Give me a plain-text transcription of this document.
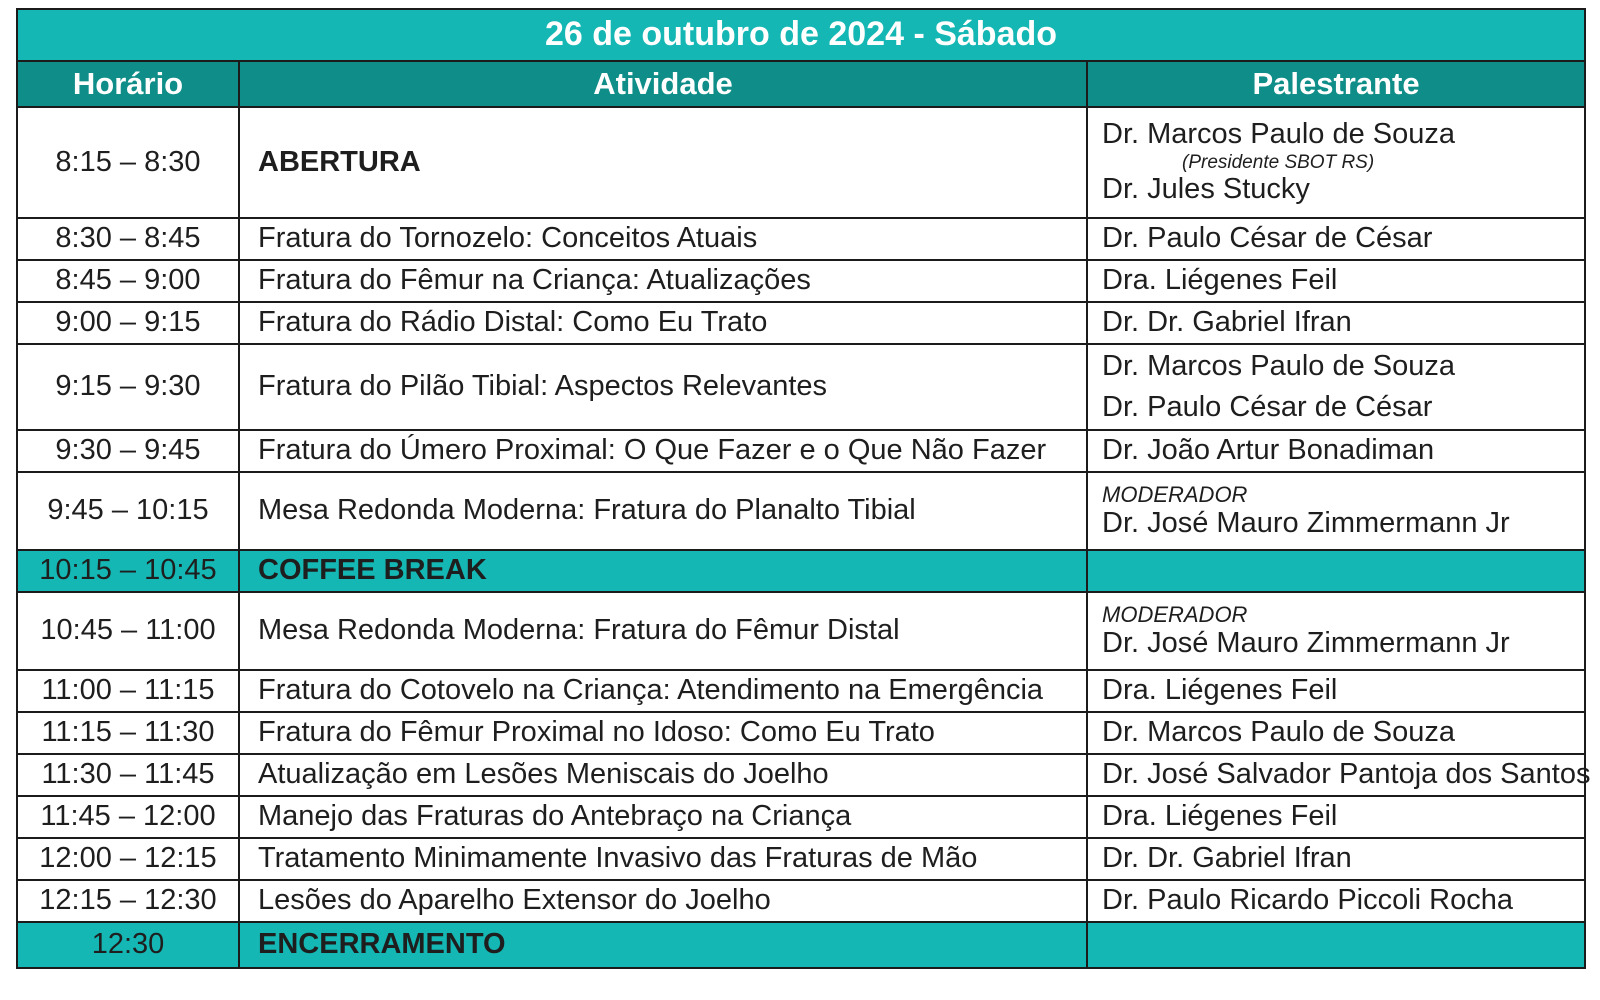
26 de outubro de 2024 - Sábado		
Horário	Atividade	Palestrante
8:15 – 8:30	ABERTURA	Dr. Marcos Paulo de Souza
(Presidente SBOT RS)
Dr. Jules Stucky

8:30 – 8:45	Fratura do Tornozelo: Conceitos Atuais	Dr. Paulo César de César
8:45 – 9:00	Fratura do Fêmur na Criança: Atualizações	Dra. Liégenes Feil
9:00 – 9:15	Fratura do Rádio Distal: Como Eu Trato	Dr. Dr. Gabriel Ifran
9:15 – 9:30	Fratura do Pilão Tibial: Aspectos Relevantes	Dr. Marcos Paulo de Souza
Dr. Paulo César de César

9:30 – 9:45	Fratura do Úmero Proximal: O Que Fazer e o Que Não Fazer	Dr. João Artur Bonadiman
9:45 – 10:15	Mesa Redonda Moderna: Fratura do Planalto Tibial	MODERADOR
Dr. José Mauro Zimmermann Jr

10:15 – 10:45	COFFEE BREAK	
10:45 – 11:00	Mesa Redonda Moderna: Fratura do Fêmur Distal	MODERADOR
Dr. José Mauro Zimmermann Jr

11:00 – 11:15	Fratura do Cotovelo na Criança: Atendimento na Emergência	Dra. Liégenes Feil
11:15 – 11:30	Fratura do Fêmur Proximal no Idoso: Como Eu Trato	Dr. Marcos Paulo de Souza
11:30 – 11:45	Atualização em Lesões Meniscais do Joelho	Dr. José Salvador Pantoja dos Santos
11:45 – 12:00	Manejo das Fraturas do Antebraço na Criança	Dra. Liégenes Feil
12:00 – 12:15	Tratamento Minimamente Invasivo das Fraturas de Mão	Dr. Dr. Gabriel Ifran
12:15 – 12:30	Lesões do Aparelho Extensor do Joelho	Dr. Paulo Ricardo Piccoli Rocha
12:30	ENCERRAMENTO	
